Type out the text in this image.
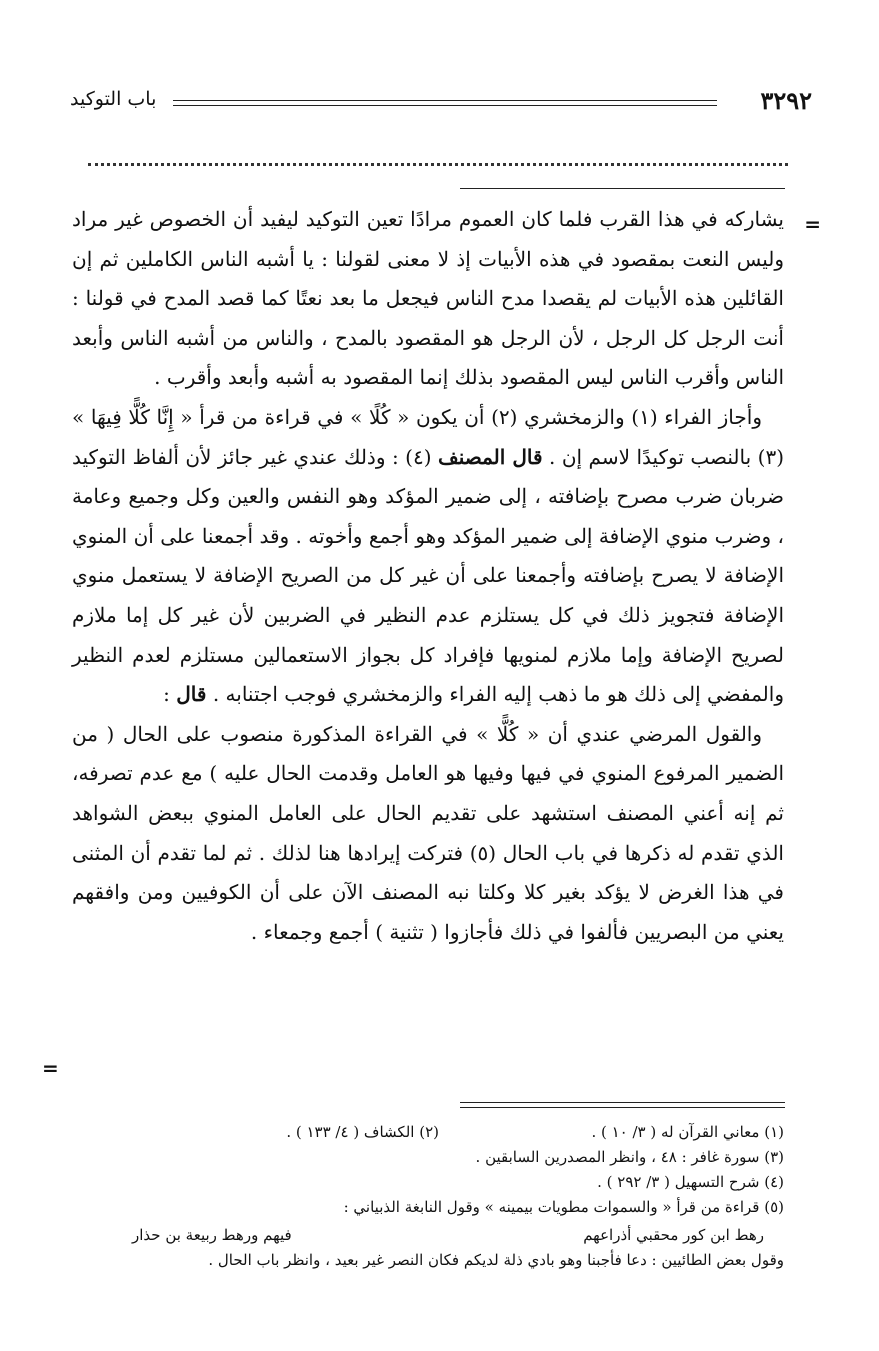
٣٢٩٢
باب التوكيد
=

يشاركه في هذا القرب فلما كان العموم مرادًا تعين التوكيد ليفيد أن الخصوص غير مراد وليس النعت بمقصود في هذه الأبيات إذ لا معنى لقولنا : يا أشبه الناس الكاملين ثم إن القائلين هذه الأبيات لم يقصدا مدح الناس فيجعل ما بعد نعتًا كما قصد المدح في قولنا : أنت الرجل كل الرجل ، لأن الرجل هو المقصود بالمدح ، والناس من أشبه الناس وأبعد الناس وأقرب الناس ليس المقصود بذلك إنما المقصود به أشبه وأبعد وأقرب .

وأجاز الفراء (١) والزمخشري (٢) أن يكون « كُلًا » في قراءة من قرأ « إِنَّا كُلًّا فِيهَا » (٣) بالنصب توكيدًا لاسم إن . قال المصنف (٤) : وذلك عندي غير جائز لأن ألفاظ التوكيد ضربان ضرب مصرح بإضافته ، إلى ضمير المؤكد وهو النفس والعين وكل وجميع وعامة ، وضرب منوي الإضافة إلى ضمير المؤكد وهو أجمع وأخوته . وقد أجمعنا على أن المنوي الإضافة لا يصرح بإضافته وأجمعنا على أن غير كل من الصريح الإضافة لا يستعمل منوي الإضافة فتجويز ذلك في كل يستلزم عدم النظير في الضربين لأن غير كل إما ملازم لصريح الإضافة وإما ملازم لمنويها فإفراد كل بجواز الاستعمالين مستلزم لعدم النظير والمفضي إلى ذلك هو ما ذهب إليه الفراء والزمخشري فوجب اجتنابه . قال :

والقول المرضي عندي أن « كُلًّا » في القراءة المذكورة منصوب على الحال ( من الضمير المرفوع المنوي في فيها وفيها هو العامل وقدمت الحال عليه ) مع عدم تصرفه، ثم إنه أعني المصنف استشهد على تقديم الحال على العامل المنوي ببعض الشواهد الذي تقدم له ذكرها في باب الحال (٥) فتركت إيرادها هنا لذلك . ثم لما تقدم أن المثنى في هذا الغرض لا يؤكد بغير كلا وكلتا نبه المصنف الآن على أن الكوفيين ومن وافقهم يعني من البصريين فألفوا في ذلك فأجازوا ( تثنية ) أجمع وجمعاء .

=
(١) معاني القرآن له ( ٣/ ١٠ ) .
(٢) الكشاف ( ٤/ ١٣٣ ) .
(٣) سورة غافر : ٤٨ ، وانظر المصدرين السابقين .
(٤) شرح التسهيل ( ٣/ ٢٩٢ ) .
(٥) قراءة من قرأ « والسموات مطويات بيمينه » وقول النابغة الذبياني :
رهط ابن كور محقبي أذراعهم
فيهم ورهط ربيعة بن حذار
وقول بعض الطائيين : دعا فأجبنا وهو بادي ذلة لديكم فكان النصر غير بعيد ، وانظر باب الحال .
